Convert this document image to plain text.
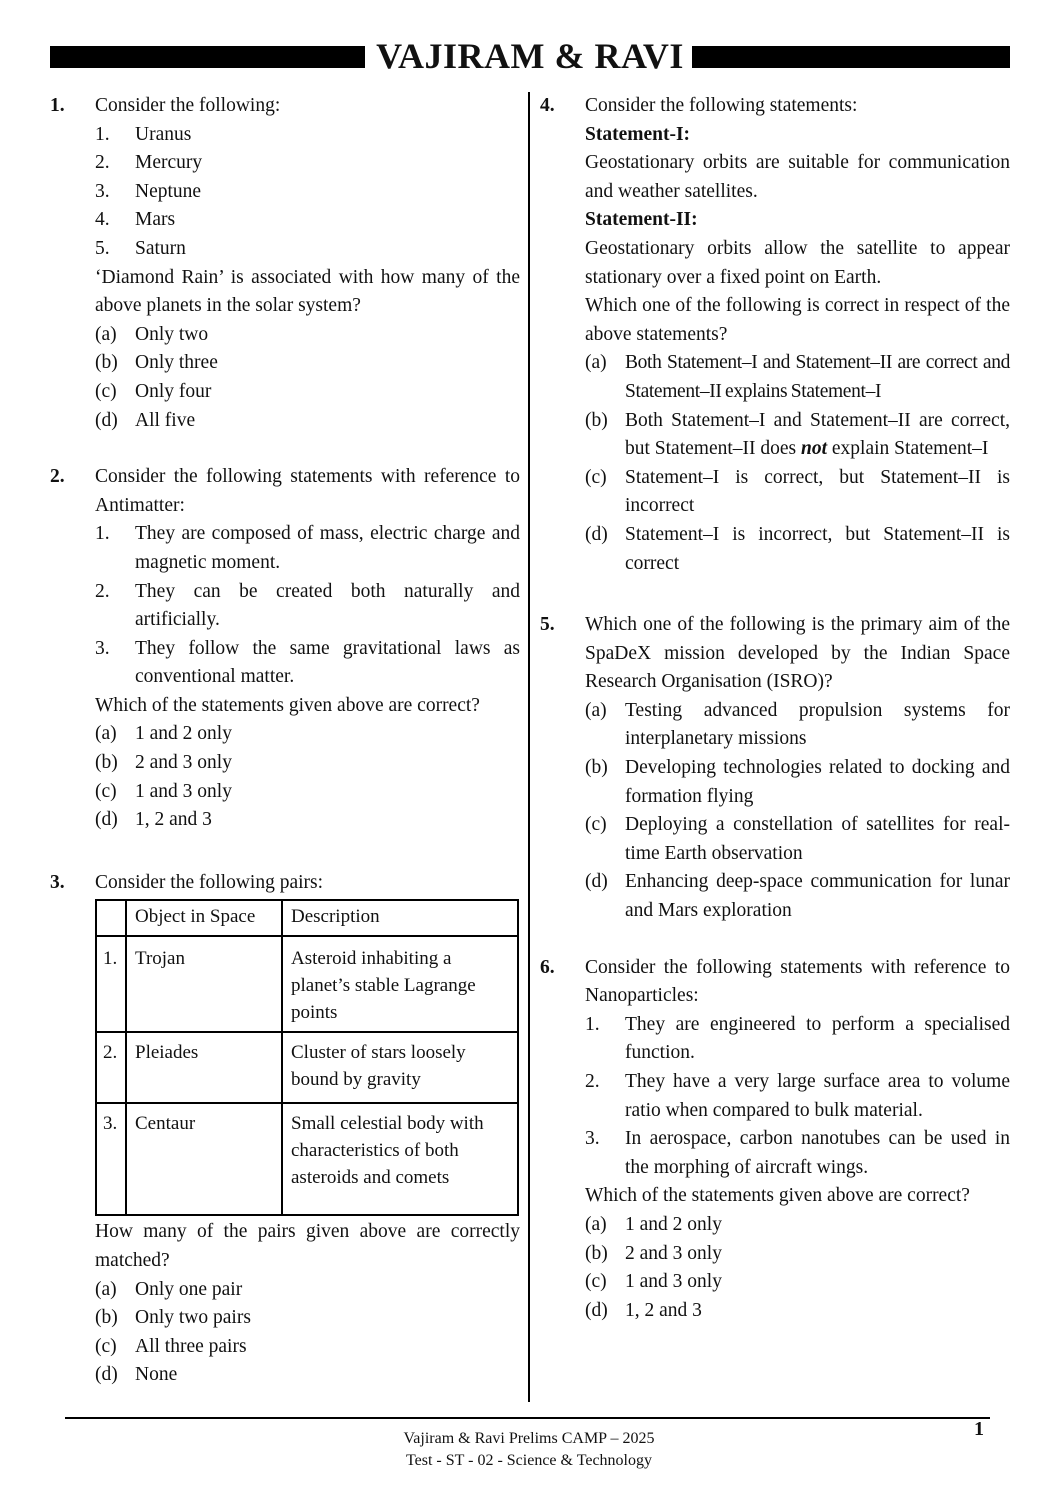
VAJIRAM & RAVI
1. Consider the following:
1. Uranus
2. Mercury
3. Neptune
4. Mars
5. Saturn
‘Diamond Rain’ is associated with how many of the above planets in the solar system?
(a) Only two
(b) Only three
(c) Only four
(d) All five
2. Consider the following statements with reference to Antimatter:
1. They are composed of mass, electric charge and magnetic moment.
2. They can be created both naturally and artificially.
3. They follow the same gravitational laws as conventional matter.
Which of the statements given above are correct?
(a) 1 and 2 only
(b) 2 and 3 only
(c) 1 and 3 only
(d) 1, 2 and 3
3. Consider the following pairs:
	Object in Space	Description
1.	Trojan	Asteroid inhabiting a planet’s stable Lagrange points
2.	Pleiades	Cluster of stars loosely bound by gravity
3.	Centaur	Small celestial body with characteristics of both asteroids and comets
How many of the pairs given above are correctly matched?
(a) Only one pair
(b) Only two pairs
(c) All three pairs
(d) None
4. Consider the following statements:
Statement-I:
Geostationary orbits are suitable for communication and weather satellites.
Statement-II:
Geostationary orbits allow the satellite to appear stationary over a fixed point on Earth.
Which one of the following is correct in respect of the above statements?
(a) Both Statement–I and Statement–II are correct and Statement–II explains Statement–I
(b) Both Statement–I and Statement–II are correct, but Statement–II does not explain Statement–I
(c) Statement–I is correct, but Statement–II is incorrect
(d) Statement–I is incorrect, but Statement–II is correct
5. Which one of the following is the primary aim of the SpaDeX mission developed by the Indian Space Research Organisation (ISRO)?
(a) Testing advanced propulsion systems for interplanetary missions
(b) Developing technologies related to docking and formation flying
(c) Deploying a constellation of satellites for real-time Earth observation
(d) Enhancing deep-space communication for lunar and Mars exploration
6. Consider the following statements with reference to Nanoparticles:
1. They are engineered to perform a specialised function.
2. They have a very large surface area to volume ratio when compared to bulk material.
3. In aerospace, carbon nanotubes can be used in the morphing of aircraft wings.
Which of the statements given above are correct?
(a) 1 and 2 only
(b) 2 and 3 only
(c) 1 and 3 only
(d) 1, 2 and 3
Vajiram & Ravi Prelims CAMP – 2025
Test - ST - 02 - Science & Technology
1
